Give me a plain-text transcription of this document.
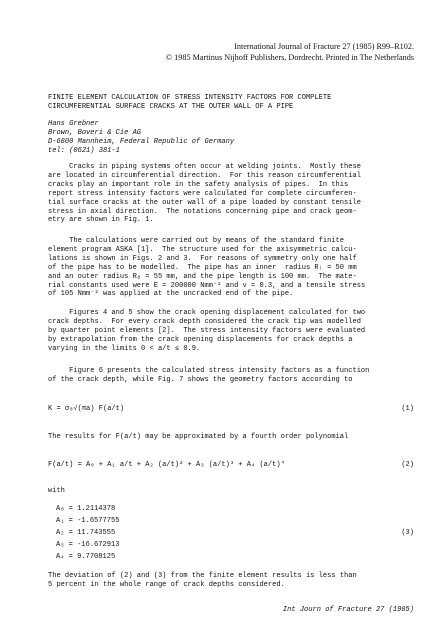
International Journal of Fracture 27 (1985) R99–R102.
© 1985 Martinus Nijhoff Publishers, Dordrecht. Printed in The Netherlands
FINITE ELEMENT CALCULATION OF STRESS INTENSITY FACTORS FOR COMPLETE
CIRCUMFERENTIAL SURFACE CRACKS AT THE OUTER WALL OF A PIPE
Hans Grebner
Brown, Boveri & Cie AG
D-6800 Mannheim, Federal Republic of Germany
tel: (0621) 381-1
Cracks in piping systems often occur at welding joints.  Mostly these
are located in circumferential direction.  For this reason circumferential
cracks play an important role in the safety analysis of pipes.  In this
report stress intensity factors were calculated for complete circumferen-
tial surface cracks at the outer wall of a pipe loaded by constant tensile
stress in axial direction.  The notations concerning pipe and crack geom-
etry are shown in Fig. 1.
The calculations were carried out by means of the standard finite
element program ASKA [1].  The structure used for the axisymmetric calcu-
lations is shown in Figs. 2 and 3.  For reasons of symmetry only one half
of the pipe has to be modelled.  The pipe has an inner  radius Rᵢ = 50 mm
and an outer radius Rₐ = 55 mm, and the pipe length is 100 mm.  The mate-
rial constants used were E = 200000 Nmm⁻² and ν = 0.3, and a tensile stress
of 105 Nmm⁻² was applied at the uncracked end of the pipe.
Figures 4 and 5 show the crack opening displacement calculated for two
crack depths.  For every crack depth considered the crack tip was modelled
by quarter point elements [2].  The stress intensity factors were evaluated
by extrapolation from the crack opening displacements for crack depths a
varying in the limits 0 < a/t ≤ 0.9.
Figure 6 presents the calculated stress intensity factors as a function
of the crack depth, while Fig. 7 shows the geometry factors according to

K = σ₀√(πa) F(a/t)

	(1)

The results for F(a/t) may be approximated by a fourth order polynomial

F(a/t) = A₀ + A₁ a/t + A₂ (a/t)² + A₃ (a/t)³ + A₄ (a/t)⁴

	(2)

with
A₀ = 1.2114378
A₁ = -1.6577755
A₂ = 11.743555
A₃ = -16.672913
A₄ = 9.7708125

(3)

The deviation of (2) and (3) from the finite element results is less than
5 percent in the whole range of crack depths considered.
Int Journ of Fracture 27 (1985)
